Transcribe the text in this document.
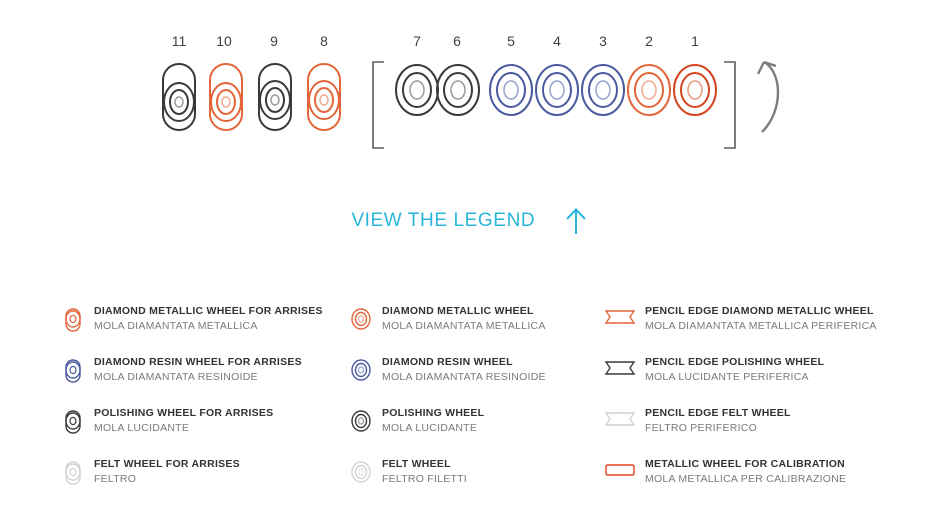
11	10	9	8	7	6	5	4	3	2	1
VIEW THE LEGEND
DIAMOND METALLIC WHEEL FOR ARRISES
MOLA DIAMANTATA METALLICA
DIAMOND RESIN WHEEL FOR ARRISES
MOLA DIAMANTATA RESINOIDE
POLISHING WHEEL FOR ARRISES
MOLA LUCIDANTE
FELT WHEEL FOR ARRISES
FELTRO
DIAMOND METALLIC WHEEL
MOLA DIAMANTATA METALLICA
DIAMOND RESIN WHEEL
MOLA DIAMANTATA RESINOIDE
POLISHING WHEEL
MOLA LUCIDANTE
FELT WHEEL
FELTRO FILETTI
PENCIL EDGE DIAMOND METALLIC WHEEL
MOLA DIAMANTATA METALLICA PERIFERICA
PENCIL EDGE POLISHING WHEEL
MOLA LUCIDANTE PERIFERICA
PENCIL EDGE FELT WHEEL
FELTRO PERIFERICO
METALLIC WHEEL FOR CALIBRATION
MOLA METALLICA PER CALIBRAZIONE
